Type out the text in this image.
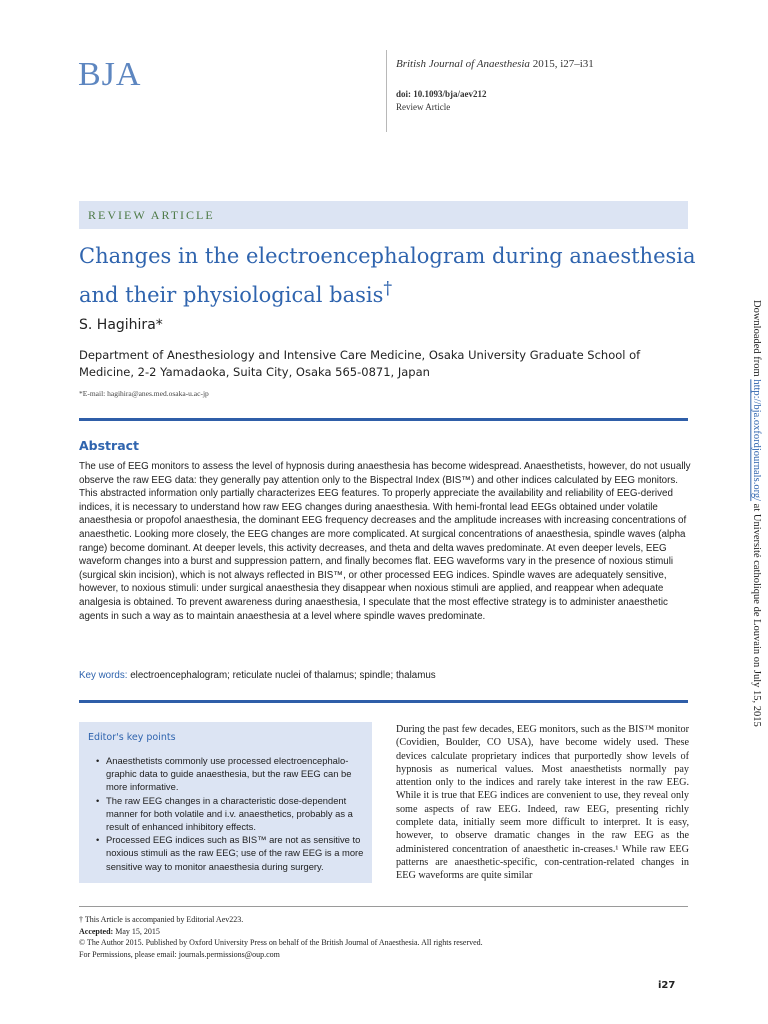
BJA	British Journal of Anaesthesia 2015, i27–i31
doi: 10.1093/bja/aev212
Review Article
REVIEW ARTICLE
Changes in the electroencephalogram during anaesthesia and their physiological basis†
S. Hagihira*
Department of Anesthesiology and Intensive Care Medicine, Osaka University Graduate School of Medicine, 2-2 Yamadaoka, Suita City, Osaka 565-0871, Japan
*E-mail: hagihira@anes.med.osaka-u.ac-jp
Abstract
The use of EEG monitors to assess the level of hypnosis during anaesthesia has become widespread. Anaesthetists, however, do not usually observe the raw EEG data: they generally pay attention only to the Bispectral Index (BIS™) and other indices calculated by EEG monitors. This abstracted information only partially characterizes EEG features. To properly appreciate the availability and reliability of EEG-derived indices, it is necessary to understand how raw EEG changes during anaesthesia. With hemi-frontal lead EEGs obtained under volatile anaesthesia or propofol anaesthesia, the dominant EEG frequency decreases and the amplitude increases with increasing concentrations of anaesthetic. Looking more closely, the EEG changes are more complicated. At surgical concentrations of anaesthesia, spindle waves (alpha range) become dominant. At deeper levels, this activity decreases, and theta and delta waves predominate. At even deeper levels, EEG waveform changes into a burst and suppression pattern, and finally becomes flat. EEG waveforms vary in the presence of noxious stimuli (surgical skin incision), which is not always reflected in BIS™, or other processed EEG indices. Spindle waves are adequately sensitive, however, to noxious stimuli: under surgical anaesthesia they disappear when noxious stimuli are applied, and reappear when adequate analgesia is obtained. To prevent awareness during anaesthesia, I speculate that the most effective strategy is to administer anaesthetic agents in such a way as to maintain anaesthesia at a level where spindle waves predominate.
Key words: electroencephalogram; reticulate nuclei of thalamus; spindle; thalamus
Editor's key points
• Anaesthetists commonly use processed electroencephalo-graphic data to guide anaesthesia, but the raw EEG can be more informative.
• The raw EEG changes in a characteristic dose-dependent manner for both volatile and i.v. anaesthetics, probably as a result of enhanced inhibitory effects.
• Processed EEG indices such as BIS™ are not as sensitive to noxious stimuli as the raw EEG; use of the raw EEG is a more sensitive way to monitor anaesthesia during surgery.
During the past few decades, EEG monitors, such as the BIS™ monitor (Covidien, Boulder, CO USA), have become widely used. These devices calculate proprietary indices that purportedly show levels of hypnosis as numerical values. Most anaesthetists normally pay attention only to the indices and rarely take interest in the raw EEG. While it is true that EEG indices are convenient to use, they reveal only some aspects of raw EEG. Indeed, raw EEG, presenting richly complete data, initially seem more difficult to interpret. It is easy, however, to observe dramatic changes in the raw EEG as the administered concentration of anaesthetic in-creases.¹ While raw EEG patterns are anaesthetic-specific, con-centration-related changes in EEG waveforms are quite similar
† This Article is accompanied by Editorial Aev223.
Accepted: May 15, 2015
© The Author 2015. Published by Oxford University Press on behalf of the British Journal of Anaesthesia. All rights reserved.
For Permissions, please email: journals.permissions@oup.com
i27
Downloaded from http://bja.oxfordjournals.org/ at Université catholique de Louvain on July 15, 2015
